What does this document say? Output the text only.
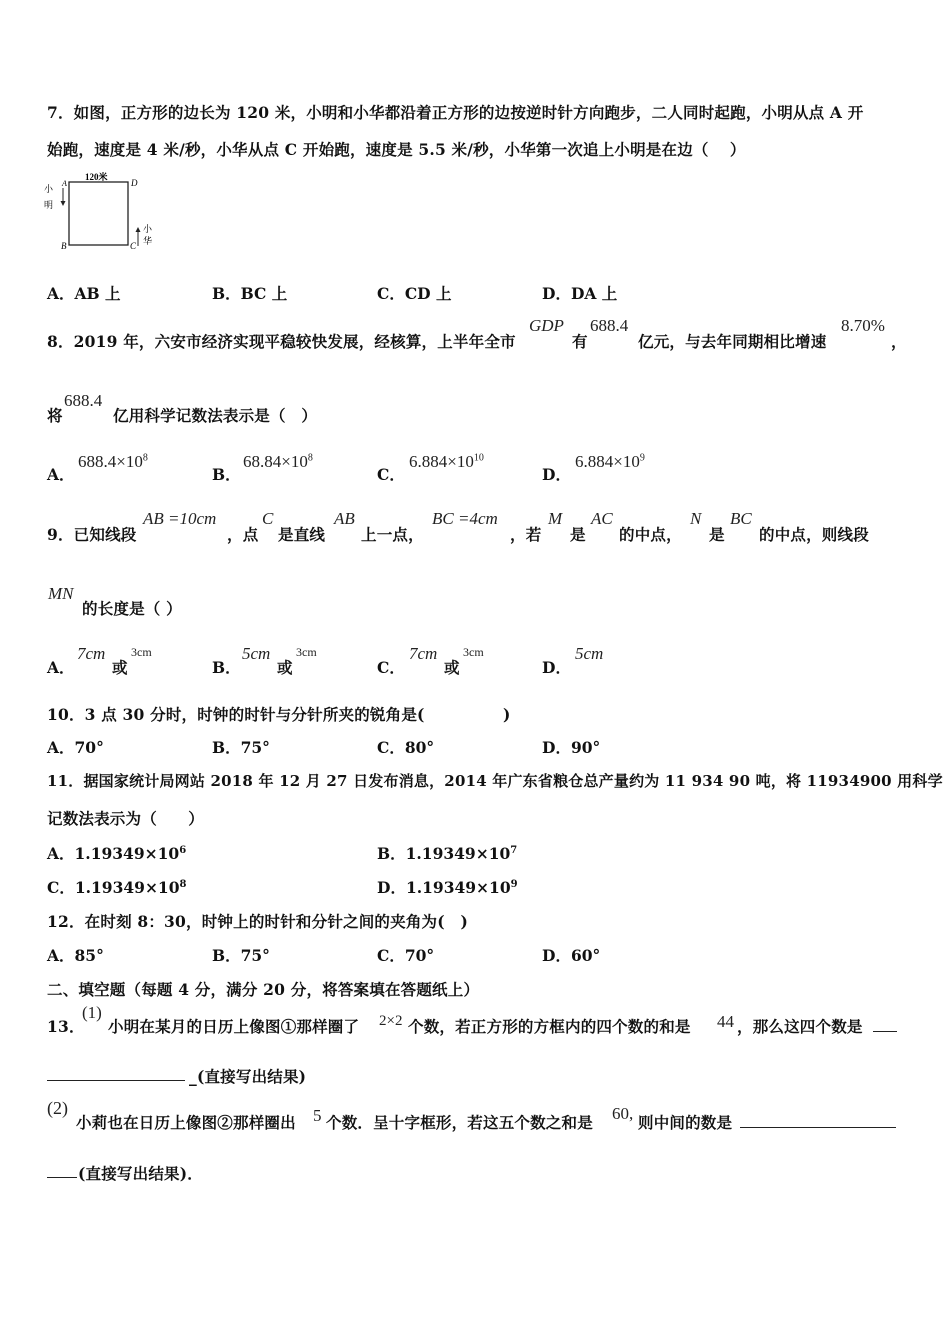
7．如图，正方形的边长为 120 米，小明和小华都沿着正方形的边按逆时针方向跑步，二人同时起跑，小明从点 A 开
始跑，速度是 4 米/秒，小华从点 C 开始跑，速度是 5.5 米/秒，小华第一次追上小明是在边（　 ）
120米
A	D
B	C
小
明
小
华
A．AB 上	B．BC 上	C．CD 上	D．DA 上
8．2019 年，六安市经济实现平稳较快发展，经核算，上半年全市
GDP
有
688.4
亿元，与去年同期相比增速
8.70%
，
将
688.4
亿用科学记数法表示是（　）
A．
$688.4\times 10^8$
B．
$68.84\times 10^8$
C．
$6.884\times 10^{10}$
D．
$6.884\times 10^9$
9．已知线段
AB =10cm
，点
C
是直线
AB
上一点，
BC =4cm
，若
M
是
AC
的中点，
N
是
BC
的中点，则线段
MN
的长度是（ ）
A．
7cm
或
3cm
B．
5cm
或
3cm
C．
7cm
或
3cm
D．
5cm
10．3 点 30 分时，时钟的时针与分针所夹的锐角是(　　　　　)
A．70°	B．75°	C．80°	D．90°
11．据国家统计局网站 2018 年 12 月 27 日发布消息，2014 年广东省粮仓总产量约为 11 934 90 吨，将 11934900 用科学
记数法表示为（　　）
A．$1.19349\times 10^6$	B．$1.19349\times 10^7$
C．$1.19349\times 10^8$	D．$1.19349\times 10^9$
12．在时刻 8：30，时钟上的时针和分针之间的夹角为(　)
A．85°	B．75°	C．70°	D．60°
二、填空题（每题 4 分，满分 20 分，将答案填在答题纸上）
13．
(1)
小明在某月的日历上像图①那样圈了 2×2 个数，若正方形的方框内的四个数的和是 44 ，那么这四个数是
_(直接写出结果)
(2)
小莉也在日历上像图②那样圈出 5 个数．呈十字框形，若这五个数之和是 60, 则中间的数是
(直接写出结果)．
